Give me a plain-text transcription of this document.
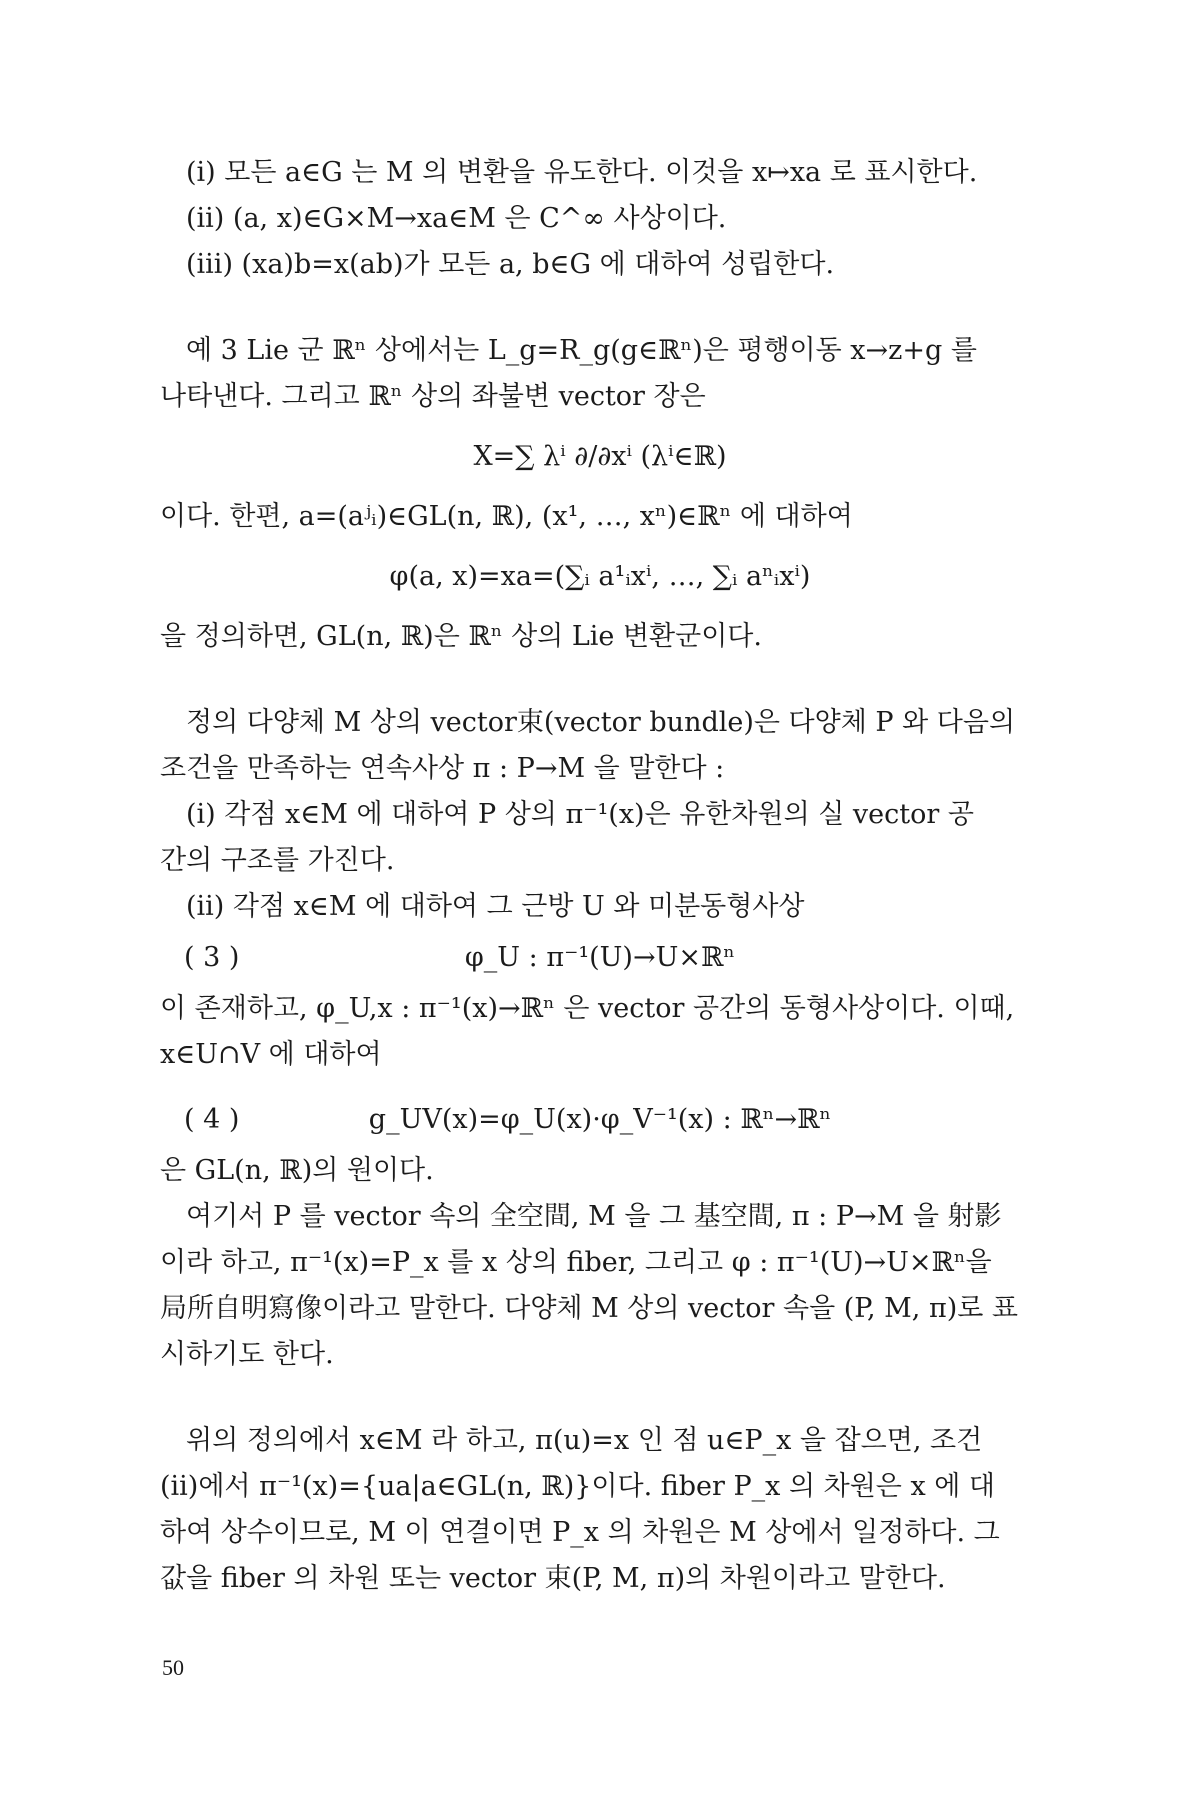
(i) 모든 a∈G 는 M 의 변환을 유도한다. 이것을 x↦xa 로 표시한다.
(ii) (a, x)∈G×M→xa∈M 은 C^∞ 사상이다.
(iii) (xa)b=x(ab)가 모든 a, b∈G 에 대하여 성립한다.
예 3 Lie 군 ℝⁿ 상에서는 L_g=R_g(g∈ℝⁿ)은 평행이동 x→z+g 를
나타낸다. 그리고 ℝⁿ 상의 좌불변 vector 장은
X=∑ λⁱ ∂/∂xⁱ (λⁱ∈ℝ)
이다. 한편, a=(aʲᵢ)∈GL(n, ℝ), (x¹, …, xⁿ)∈ℝⁿ 에 대하여
φ(a, x)=xa=(∑ᵢ a¹ᵢxⁱ, …, ∑ᵢ aⁿᵢxⁱ)
을 정의하면, GL(n, ℝ)은 ℝⁿ 상의 Lie 변환군이다.
정의 다양체 M 상의 vector束(vector bundle)은 다양체 P 와 다음의
조건을 만족하는 연속사상 π : P→M 을 말한다 :
(i) 각점 x∈M 에 대하여 P 상의 π⁻¹(x)은 유한차원의 실 vector 공
간의 구조를 가진다.
(ii) 각점 x∈M 에 대하여 그 근방 U 와 미분동형사상
( 3 )	φ_U : π⁻¹(U)→U×ℝⁿ
이 존재하고, φ_U,x : π⁻¹(x)→ℝⁿ 은 vector 공간의 동형사상이다. 이때,
x∈U∩V 에 대하여
( 4 )	g_UV(x)=φ_U(x)·φ_V⁻¹(x) : ℝⁿ→ℝⁿ
은 GL(n, ℝ)의 원이다.
여기서 P 를 vector 속의 全空間, M 을 그 基空間, π : P→M 을 射影
이라 하고, π⁻¹(x)=P_x 를 x 상의 fiber, 그리고 φ : π⁻¹(U)→U×ℝⁿ을
局所自明寫像이라고 말한다. 다양체 M 상의 vector 속을 (P, M, π)로 표
시하기도 한다.
위의 정의에서 x∈M 라 하고, π(u)=x 인 점 u∈P_x 을 잡으면, 조건
(ii)에서 π⁻¹(x)={ua|a∈GL(n, ℝ)}이다. fiber P_x 의 차원은 x 에 대
하여 상수이므로, M 이 연결이면 P_x 의 차원은 M 상에서 일정하다. 그
값을 fiber 의 차원 또는 vector 束(P, M, π)의 차원이라고 말한다.
50
